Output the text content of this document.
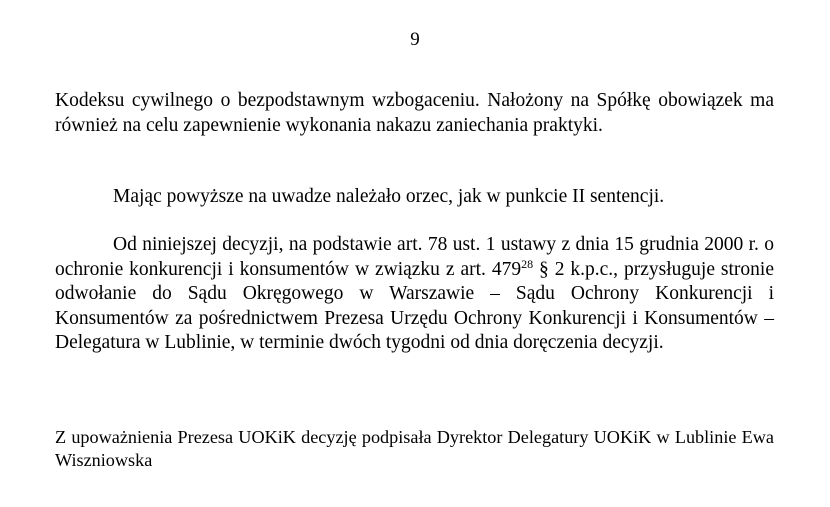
9

Kodeksu cywilnego o bezpodstawnym wzbogaceniu. Nałożony na Spółkę obowiązek ma również na celu zapewnienie wykonania nakazu zaniechania praktyki.

Mając powyższe na uwadze należało orzec, jak w punkcie II sentencji.

Od niniejszej decyzji, na podstawie art. 78 ust. 1 ustawy z dnia 15 grudnia 2000 r. o ochronie konkurencji i konsumentów w związku z art. $479^{28}$ § 2 k.p.c., przysługuje stronie odwołanie do Sądu Okręgowego w Warszawie – Sądu Ochrony Konkurencji i Konsumentów za pośrednictwem Prezesa Urzędu Ochrony Konkurencji i Konsumentów – Delegatura w Lublinie, w terminie dwóch tygodni od dnia doręczenia decyzji.

Z upoważnienia Prezesa UOKiK decyzję podpisała Dyrektor Delegatury UOKiK w Lublinie Ewa Wiszniowska
